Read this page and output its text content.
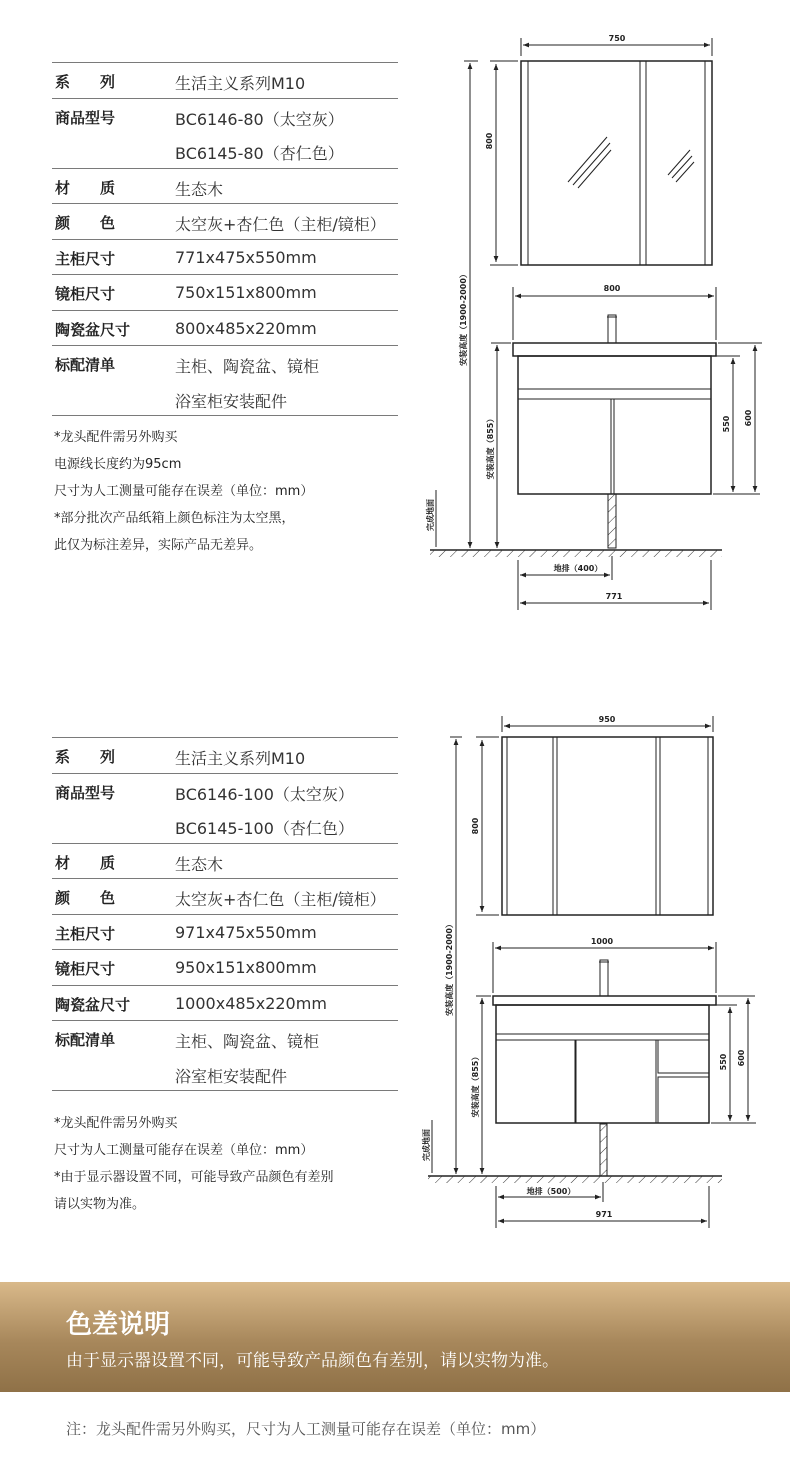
系列 生活主义系列M10
商品型号	BC6146-80（太空灰）
BC6145-80（杏仁色）
材质 生态木
颜色 太空灰+杏仁色（主柜/镜柜）
主柜尺寸	771x475x550mm
镜柜尺寸	750x151x800mm
陶瓷盆尺寸	800x485x220mm
标配清单	主柜、陶瓷盆、镜柜
浴室柜安装配件
*龙头配件需另外购买
电源线长度约为95cm
尺寸为人工测量可能存在误差（单位：mm）
*部分批次产品纸箱上颜色标注为太空黑，
此仅为标注差异，实际产品无差异。
系列 生活主义系列M10
商品型号	BC6146-100（太空灰）
BC6145-100（杏仁色）
材质 生态木
颜色 太空灰+杏仁色（主柜/镜柜）
主柜尺寸	971x475x550mm
镜柜尺寸	950x151x800mm
陶瓷盆尺寸	1000x485x220mm
标配清单	主柜、陶瓷盆、镜柜
浴室柜安装配件
*龙头配件需另外购买
尺寸为人工测量可能存在误差（单位：mm）
*由于显示器设置不同，可能导致产品颜色有差别
请以实物为准。
750
800
安装高度（1900-2000）	800
安装高度（855）	550 600
完成地面
地排（400）
771
950
800
安装高度（1900-2000）	1000
安装高度（855）	550 600
完成地面
地排（500）
971
色差说明
由于显示器设置不同，可能导致产品颜色有差别，请以实物为准。
注：龙头配件需另外购买，尺寸为人工测量可能存在误差（单位：mm）
